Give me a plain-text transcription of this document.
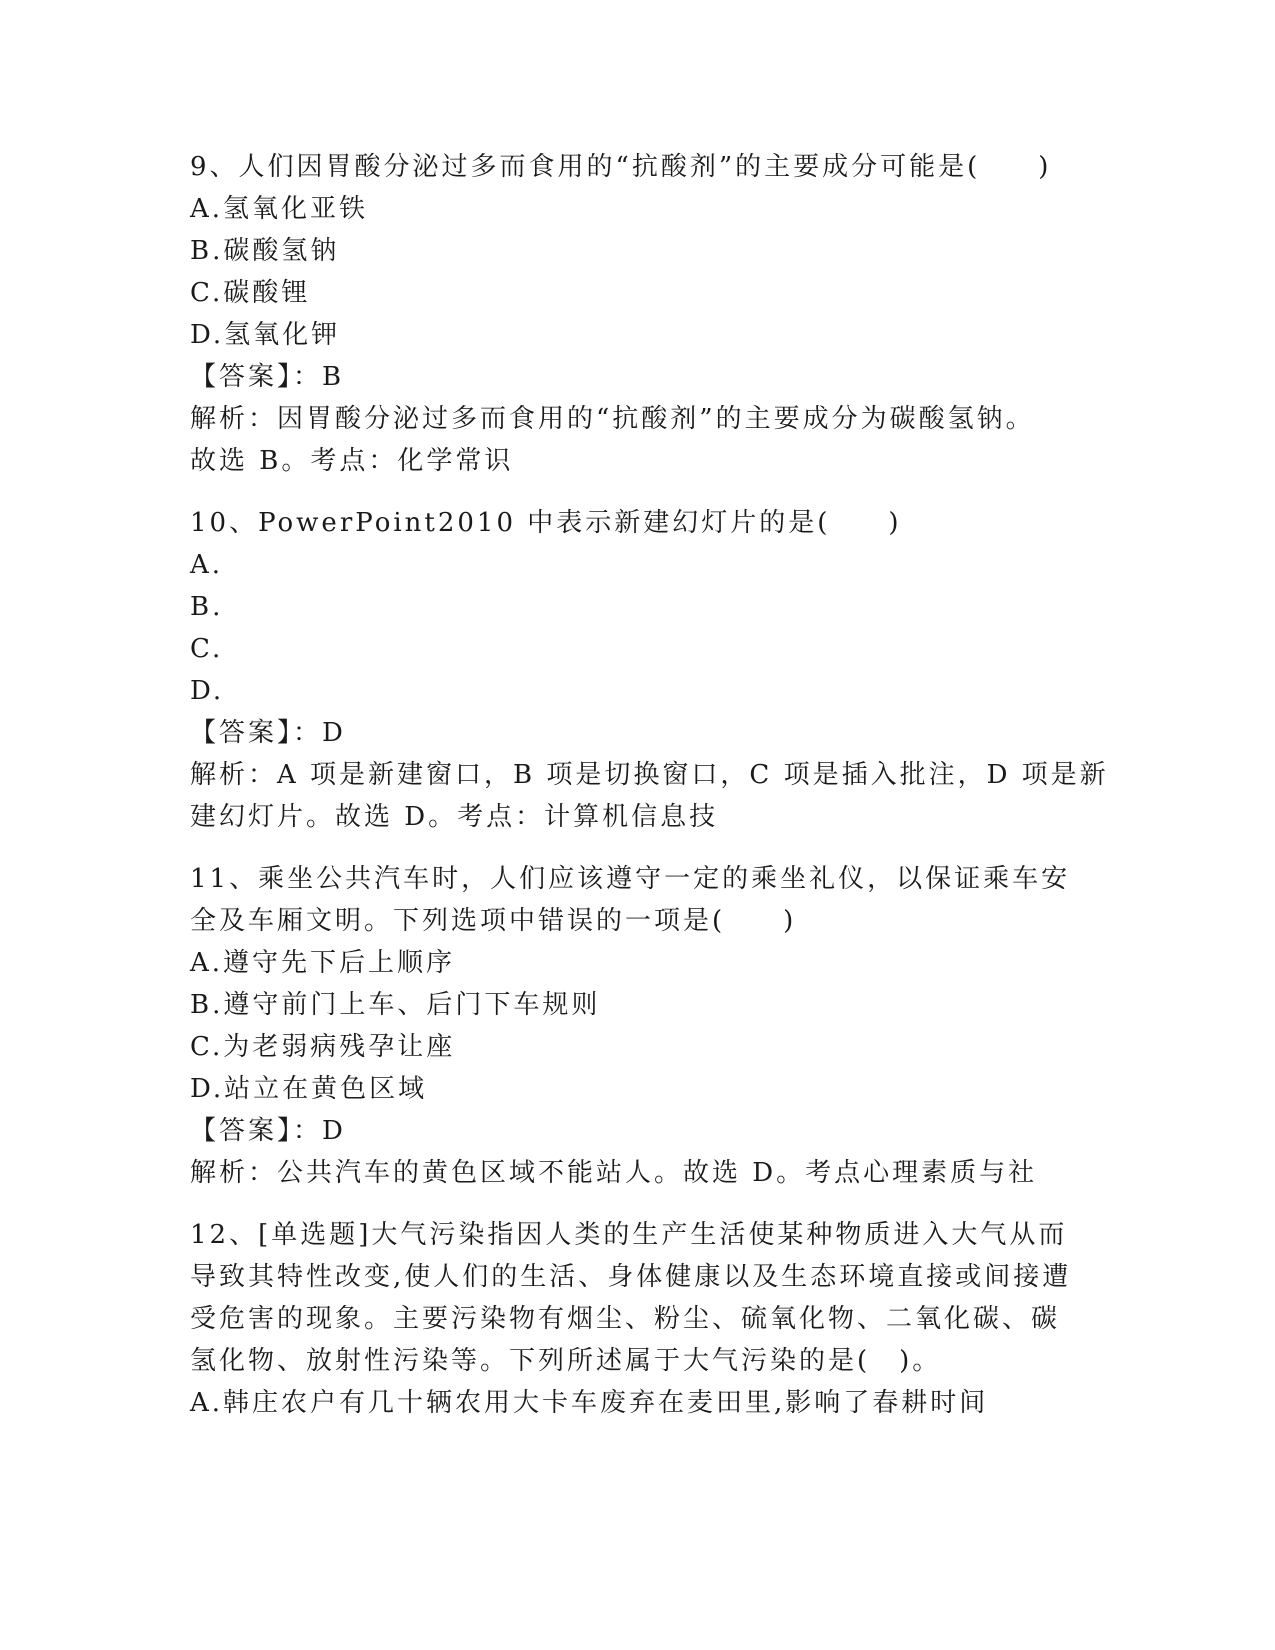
9、人们因胃酸分泌过多而食用的“抗酸剂”的主要成分可能是(　　)
A.氢氧化亚铁
B.碳酸氢钠
C.碳酸锂
D.氢氧化钾
【答案】：B
解析：因胃酸分泌过多而食用的“抗酸剂”的主要成分为碳酸氢钠。
故选 B。考点：化学常识
10、PowerPoint2010 中表示新建幻灯片的是(　　)
A.
B.
C.
D.
【答案】：D
解析：A 项是新建窗口，B 项是切换窗口，C 项是插入批注，D 项是新
建幻灯片。故选 D。考点：计算机信息技
11、乘坐公共汽车时，人们应该遵守一定的乘坐礼仪，以保证乘车安
全及车厢文明。下列选项中错误的一项是(　　)
A.遵守先下后上顺序
B.遵守前门上车、后门下车规则
C.为老弱病残孕让座
D.站立在黄色区域
【答案】：D
解析：公共汽车的黄色区域不能站人。故选 D。考点心理素质与社
12、[单选题]大气污染指因人类的生产生活使某种物质进入大气从而
导致其特性改变,使人们的生活、身体健康以及生态环境直接或间接遭
受危害的现象。主要污染物有烟尘、粉尘、硫氧化物、二氧化碳、碳
氢化物、放射性污染等。下列所述属于大气污染的是(　)。
A.韩庄农户有几十辆农用大卡车废弃在麦田里,影响了春耕时间
